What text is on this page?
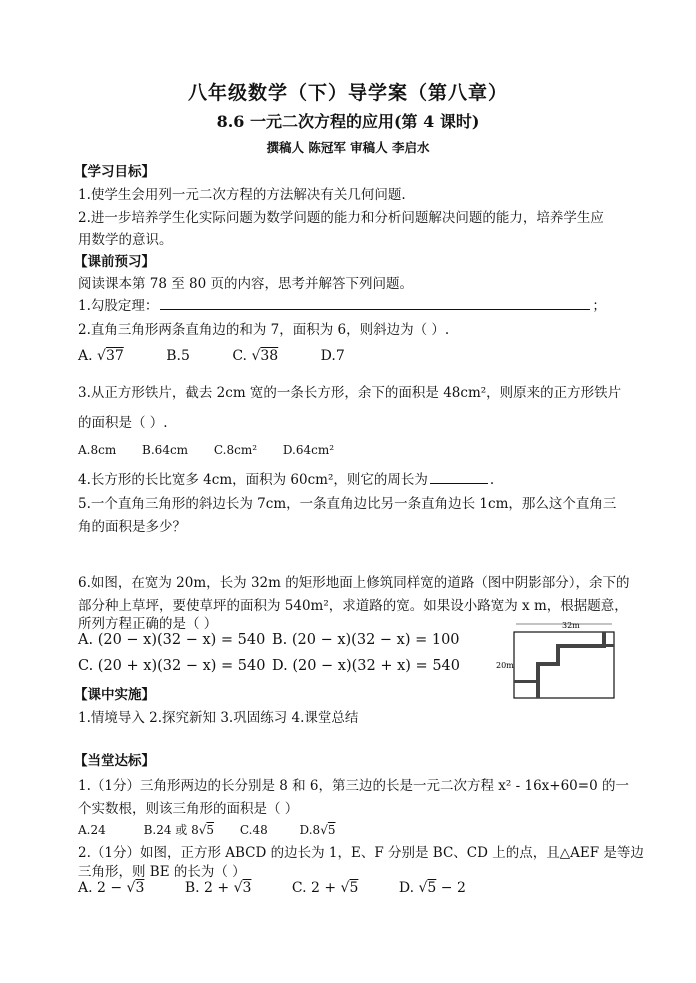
八年级数学（下）导学案（第八章）
8.6 一元二次方程的应用(第 4 课时)
撰稿人 陈冠军 审稿人 李启水
【学习目标】
1.使学生会用列一元二次方程的方法解决有关几何问题.
2.进一步培养学生化实际问题为数学问题的能力和分析问题解决问题的能力，培养学生应
用数学的意识。
【课前预习】
阅读课本第 78 至 80 页的内容，思考并解答下列问题。
1.勾股定理：	；
2.直角三角形两条直角边的和为 7，面积为 6，则斜边为（ ）.
A. √37	B.5	C. √38	D.7
3.从正方形铁片，截去 2cm 宽的一条长方形，余下的面积是 48cm²，则原来的正方形铁片
的面积是（ ）.
A.8cm B.64cm C.8cm² D.64cm²
4.长方形的长比宽多 4cm，面积为 60cm²，则它的周长为	.
5.一个直角三角形的斜边长为 7cm，一条直角边比另一条直角边长 1cm，那么这个直角三
角的面积是多少？
6.如图，在宽为 20m，长为 32m 的矩形地面上修筑同样宽的道路（图中阴影部分），余下的
部分种上草坪，要使草坪的面积为 540m²，求道路的宽。如果设小路宽为 x m，根据题意，
所列方程正确的是（ ）
A. (20 − x)(32 − x) = 540 B. (20 − x)(32 − x) = 100
C. (20 + x)(32 − x) = 540 D. (20 − x)(32 + x) = 540
32m
20m
【课中实施】
1.情境导入 2.探究新知 3.巩固练习 4.课堂总结
【当堂达标】
1.（1分）三角形两边的长分别是 8 和 6，第三边的长是一元二次方程 x² - 16x+60=0 的一
个实数根，则该三角形的面积是（ ）
A.24	B.24 或 8√5 C.48	D.8√5
2.（1分）如图，正方形 ABCD 的边长为 1，E、F 分别是 BC、CD 上的点，且△AEF 是等边
三角形，则 BE 的长为（ ）
A. 2 − √3	B. 2 + √3	C. 2 + √5	D. √5 − 2
